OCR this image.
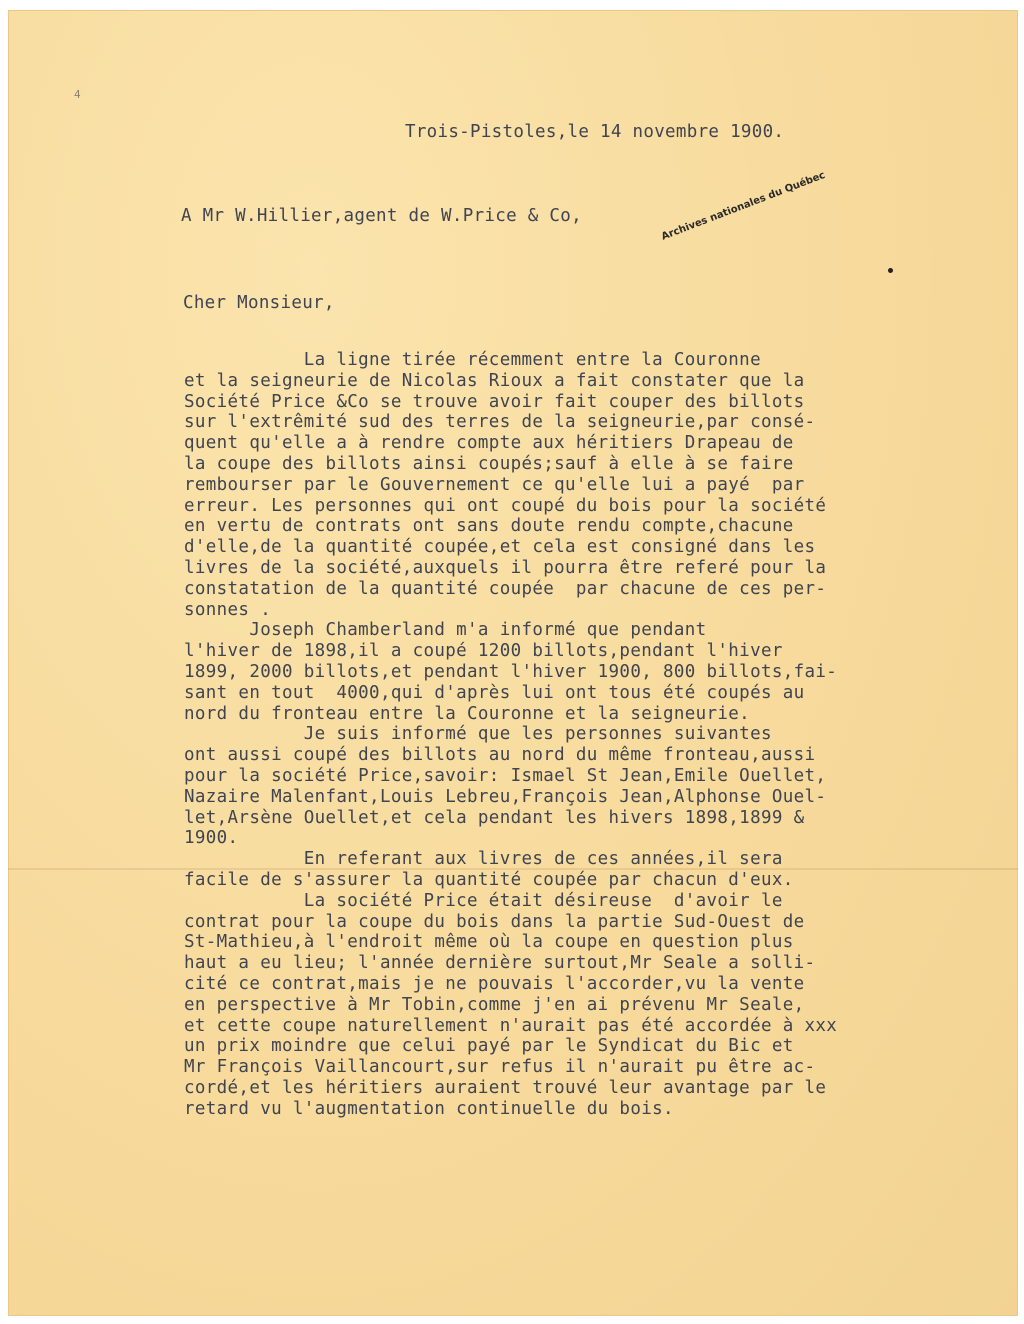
4
Trois-Pistoles,le 14 novembre 1900.
A Mr W.Hillier,agent de W.Price & Co,	Archives nationales du Québec
Cher Monsieur,
La ligne tirée récemment entre la Couronne
et la seigneurie de Nicolas Rioux a fait constater que la
Société Price &Co se trouve avoir fait couper des billots
sur l'extrêmité sud des terres de la seigneurie,par consé-
quent qu'elle a à rendre compte aux héritiers Drapeau de
la coupe des billots ainsi coupés;sauf à elle à se faire
rembourser par le Gouvernement ce qu'elle lui a payé  par
erreur. Les personnes qui ont coupé du bois pour la société
en vertu de contrats ont sans doute rendu compte,chacune
d'elle,de la quantité coupée,et cela est consigné dans les
livres de la société,auxquels il pourra être referé pour la
constatation de la quantité coupée  par chacune de ces per-
sonnes .
Joseph Chamberland m'a informé que pendant
l'hiver de 1898,il a coupé 1200 billots,pendant l'hiver
1899, 2000 billots,et pendant l'hiver 1900, 800 billots,fai-
sant en tout  4000,qui d'après lui ont tous été coupés au
nord du fronteau entre la Couronne et la seigneurie.
Je suis informé que les personnes suivantes
ont aussi coupé des billots au nord du même fronteau,aussi
pour la société Price,savoir: Ismael St Jean,Emile Ouellet,
Nazaire Malenfant,Louis Lebreu,François Jean,Alphonse Ouel-
let,Arsène Ouellet,et cela pendant les hivers 1898,1899 &
1900.
En referant aux livres de ces années,il sera
facile de s'assurer la quantité coupée par chacun d'eux.
La société Price était désireuse  d'avoir le
contrat pour la coupe du bois dans la partie Sud-Ouest de
St-Mathieu,à l'endroit même où la coupe en question plus
haut a eu lieu; l'année dernière surtout,Mr Seale a solli-
cité ce contrat,mais je ne pouvais l'accorder,vu la vente
en perspective à Mr Tobin,comme j'en ai prévenu Mr Seale,
et cette coupe naturellement n'aurait pas été accordée à xxx
un prix moindre que celui payé par le Syndicat du Bic et
Mr François Vaillancourt,sur refus il n'aurait pu être ac-
cordé,et les héritiers auraient trouvé leur avantage par le
retard vu l'augmentation continuelle du bois.
